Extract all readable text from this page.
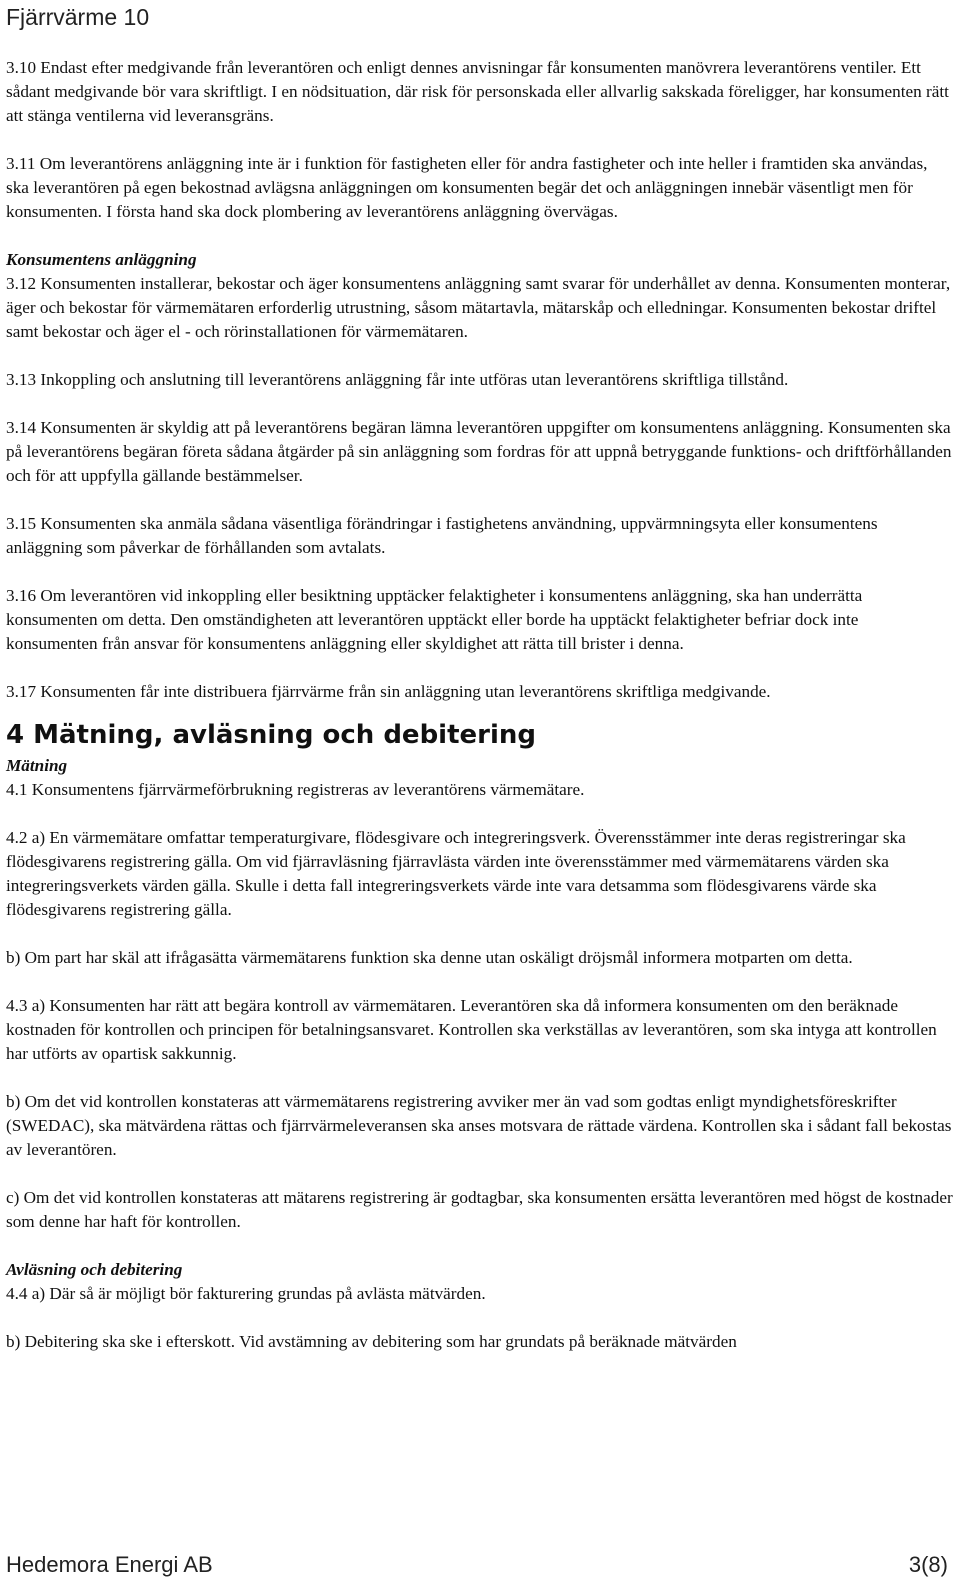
Fjärrvärme 10

3.10 Endast efter medgivande från leverantören och enligt dennes anvisningar får konsumenten manövrera leverantörens ventiler. Ett sådant medgivande bör vara skriftligt. I en nödsituation, där risk för personskada eller allvarlig sakskada föreligger, har konsumenten rätt att stänga ventilerna vid leveransgräns.

3.11 Om leverantörens anläggning inte är i funktion för fastigheten eller för andra fastigheter och inte heller i framtiden ska användas, ska leverantören på egen bekostnad avlägsna anläggningen om konsumenten begär det och anläggningen innebär väsentligt men för konsumenten. I första hand ska dock plombering av leverantörens anläggning övervägas.

Konsumentens anläggning

3.12 Konsumenten installerar, bekostar och äger konsumentens anläggning samt svarar för underhållet av denna. Konsumenten monterar, äger och bekostar för värmemätaren erforderlig utrustning, såsom mätartavla, mätarskåp och elledningar. Konsumenten bekostar driftel samt bekostar och äger el - och rörinstallationen för värmemätaren.

3.13 Inkoppling och anslutning till leverantörens anläggning får inte utföras utan leverantörens skriftliga tillstånd.

3.14 Konsumenten är skyldig att på leverantörens begäran lämna leverantören uppgifter om konsumentens anläggning. Konsumenten ska på leverantörens begäran företa sådana åtgärder på sin anläggning som fordras för att uppnå betryggande funktions- och driftförhållanden och för att uppfylla gällande bestämmelser.

3.15 Konsumenten ska anmäla sådana väsentliga förändringar i fastighetens användning, uppvärmningsyta eller konsumentens anläggning som påverkar de förhållanden som avtalats.

3.16 Om leverantören vid inkoppling eller besiktning upptäcker felaktigheter i konsumentens anläggning, ska han underrätta konsumenten om detta. Den omständigheten att leverantören upptäckt eller borde ha upptäckt felaktigheter befriar dock inte konsumenten från ansvar för konsumentens anläggning eller skyldighet att rätta till brister i denna.

3.17 Konsumenten får inte distribuera fjärrvärme från sin anläggning utan leverantörens skriftliga medgivande.

4 Mätning, avläsning och debitering

Mätning

4.1 Konsumentens fjärrvärmeförbrukning registreras av leverantörens värmemätare.

4.2 a) En värmemätare omfattar temperaturgivare, flödesgivare och integreringsverk. Överensstämmer inte deras registreringar ska flödesgivarens registrering gälla. Om vid fjärravläsning fjärravlästa värden inte överensstämmer med värmemätarens värden ska integreringsverkets värden gälla. Skulle i detta fall integreringsverkets värde inte vara detsamma som flödesgivarens värde ska flödesgivarens registrering gälla.

b) Om part har skäl att ifrågasätta värmemätarens funktion ska denne utan oskäligt dröjsmål informera motparten om detta.

4.3 a) Konsumenten har rätt att begära kontroll av värmemätaren. Leverantören ska då informera konsumenten om den beräknade kostnaden för kontrollen och principen för betalningsansvaret. Kontrollen ska verkställas av leverantören, som ska intyga att kontrollen har utförts av opartisk sakkunnig.

b) Om det vid kontrollen konstateras att värmemätarens registrering avviker mer än vad som godtas enligt myndighetsföreskrifter (SWEDAC), ska mätvärdena rättas och fjärrvärmeleveransen ska anses motsvara de rättade värdena. Kontrollen ska i sådant fall bekostas av leverantören.

c) Om det vid kontrollen konstateras att mätarens registrering är godtagbar, ska konsumenten ersätta leverantören med högst de kostnader som denne har haft för kontrollen.

Avläsning och debitering

4.4 a) Där så är möjligt bör fakturering grundas på avlästa mätvärden.

b) Debitering ska ske i efterskott. Vid avstämning av debitering som har grundats på beräknade mätvärden

Hedemora Energi AB	3(8)
